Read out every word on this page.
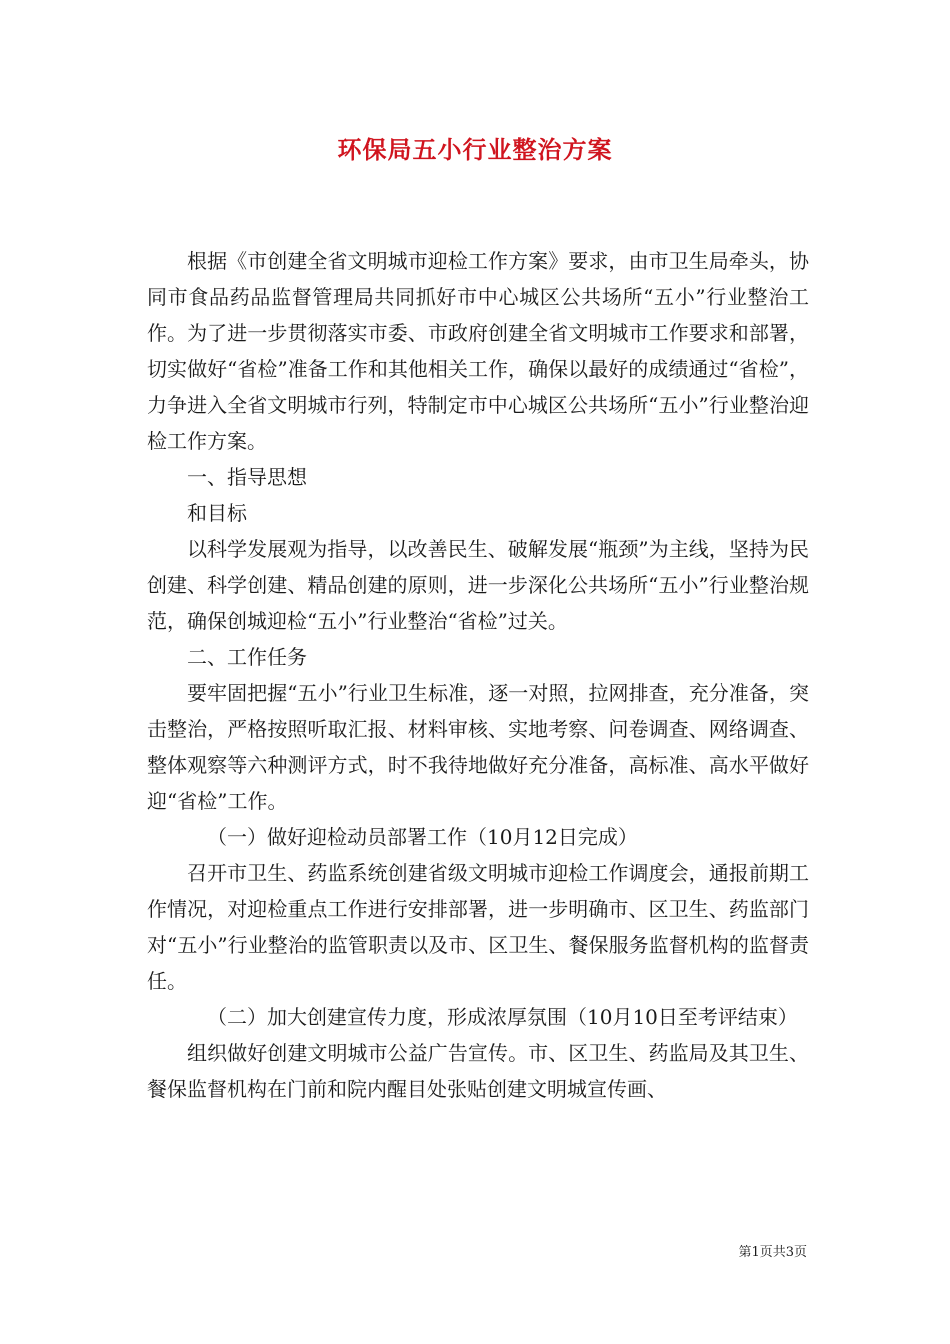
环保局五小行业整治方案

根据《市创建全省文明城市迎检工作方案》要求，由市卫生局牵头，协同市食品药品监督管理局共同抓好市中心城区公共场所“五小”行业整治工作。为了进一步贯彻落实市委、市政府创建全省文明城市工作要求和部署，切实做好“省检”准备工作和其他相关工作，确保以最好的成绩通过“省检”，力争进入全省文明城市行列，特制定市中心城区公共场所“五小”行业整治迎检工作方案。

一、指导思想

和目标

以科学发展观为指导，以改善民生、破解发展“瓶颈”为主线，坚持为民创建、科学创建、精品创建的原则，进一步深化公共场所“五小”行业整治规范，确保创城迎检“五小”行业整治“省检”过关。

二、工作任务

要牢固把握“五小”行业卫生标准，逐一对照，拉网排查，充分准备，突击整治，严格按照听取汇报、材料审核、实地考察、问卷调查、网络调查、整体观察等六种测评方式，时不我待地做好充分准备，高标准、高水平做好迎“省检”工作。

（一）做好迎检动员部署工作（10月12日完成）

召开市卫生、药监系统创建省级文明城市迎检工作调度会，通报前期工作情况，对迎检重点工作进行安排部署，进一步明确市、区卫生、药监部门对“五小”行业整治的监管职责以及市、区卫生、餐保服务监督机构的监督责任。

（二）加大创建宣传力度，形成浓厚氛围（10月10日至考评结束）

组织做好创建文明城市公益广告宣传。市、区卫生、药监局及其卫生、餐保监督机构在门前和院内醒目处张贴创建文明城宣传画、

第1页共3页
